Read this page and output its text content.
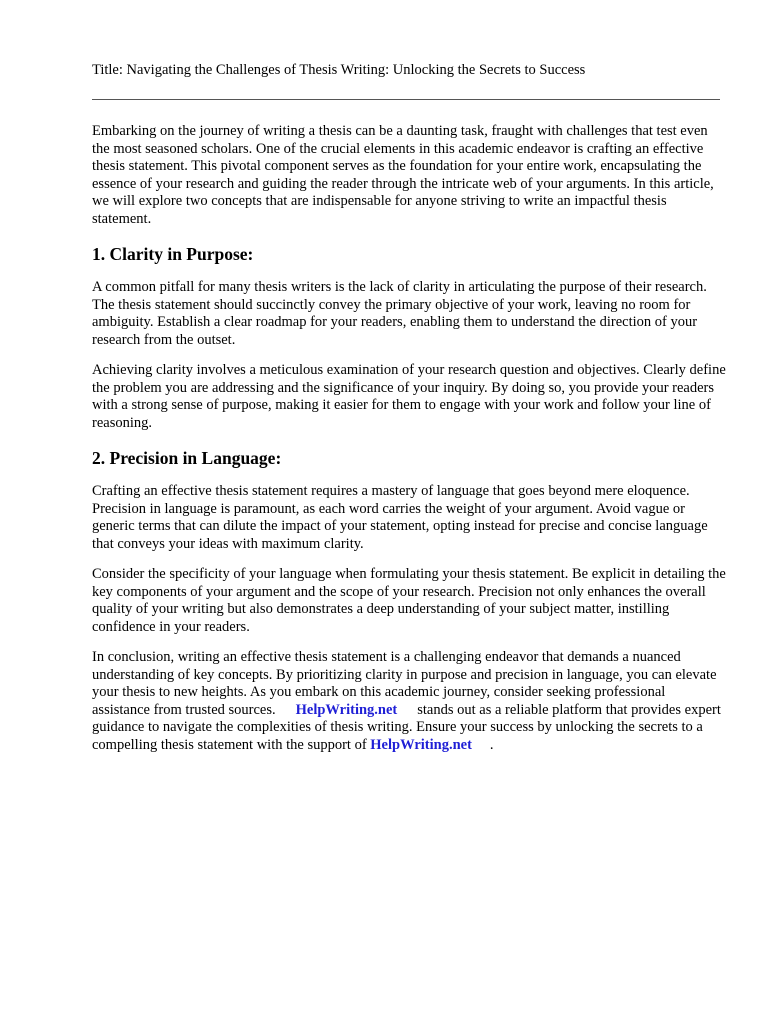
Title: Navigating the Challenges of Thesis Writing: Unlocking the Secrets to Success

Embarking on the journey of writing a thesis can be a daunting task, fraught with challenges that test even the most seasoned scholars. One of the crucial elements in this academic endeavor is crafting an effective thesis statement. This pivotal component serves as the foundation for your entire work, encapsulating the essence of your research and guiding the reader through the intricate web of your arguments. In this article, we will explore two concepts that are indispensable for anyone striving to write an impactful thesis statement.

1. Clarity in Purpose:

A common pitfall for many thesis writers is the lack of clarity in articulating the purpose of their research. The thesis statement should succinctly convey the primary objective of your work, leaving no room for ambiguity. Establish a clear roadmap for your readers, enabling them to understand the direction of your research from the outset.

Achieving clarity involves a meticulous examination of your research question and objectives. Clearly define the problem you are addressing and the significance of your inquiry. By doing so, you provide your readers with a strong sense of purpose, making it easier for them to engage with your work and follow your line of reasoning.

2. Precision in Language:

Crafting an effective thesis statement requires a mastery of language that goes beyond mere eloquence. Precision in language is paramount, as each word carries the weight of your argument. Avoid vague or generic terms that can dilute the impact of your statement, opting instead for precise and concise language that conveys your ideas with maximum clarity.

Consider the specificity of your language when formulating your thesis statement. Be explicit in detailing the key components of your argument and the scope of your research. Precision not only enhances the overall quality of your writing but also demonstrates a deep understanding of your subject matter, instilling confidence in your readers.

In conclusion, writing an effective thesis statement is a challenging endeavor that demands a nuanced understanding of key concepts. By prioritizing clarity in purpose and precision in language, you can elevate your thesis to new heights. As you embark on this academic journey, consider seeking professional assistance from trusted sources. HelpWriting.net stands out as a reliable platform that provides expert guidance to navigate the complexities of thesis writing. Ensure your success by unlocking the secrets to a compelling thesis statement with the support of HelpWriting.net .
